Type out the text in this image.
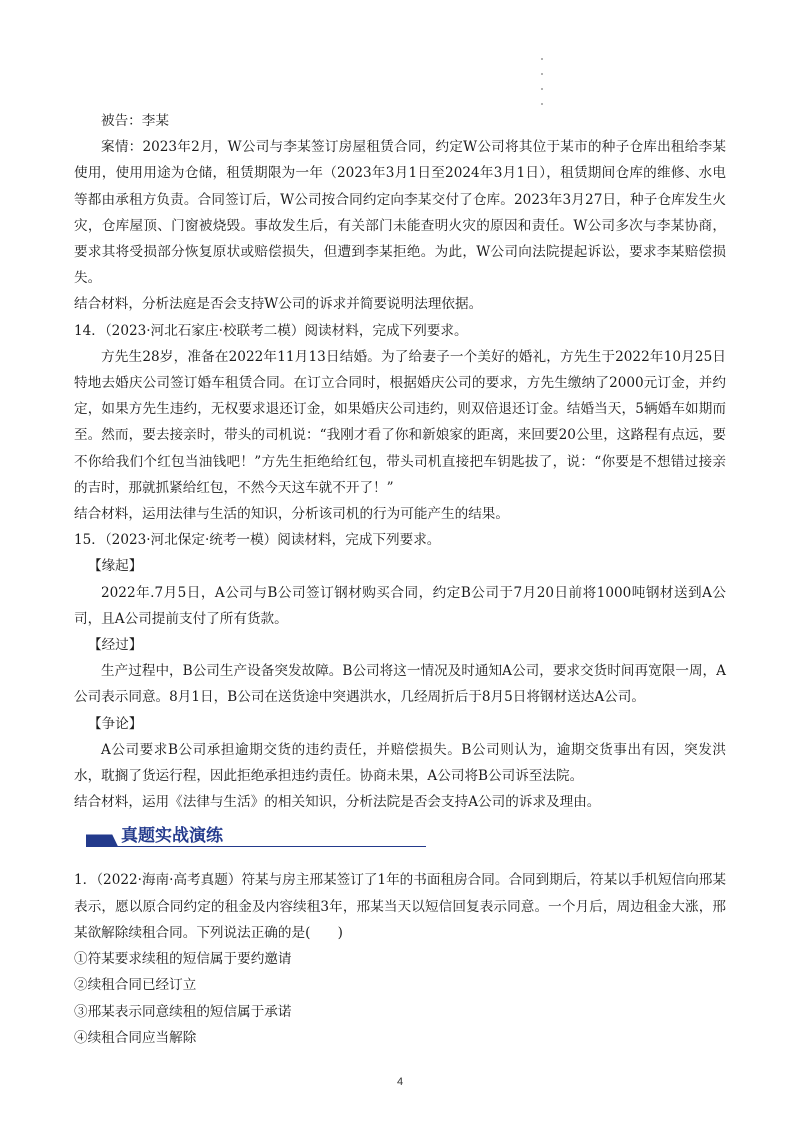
被告：李某

案情：2023年2月，W公司与李某签订房屋租赁合同，约定W公司将其位于某市的种子仓库出租给李某使用，使用用途为仓储，租赁期限为一年（2023年3月1日至2024年3月1日），租赁期间仓库的维修、水电等都由承租方负责。合同签订后，W公司按合同约定向李某交付了仓库。2023年3月27日，种子仓库发生火灾，仓库屋顶、门窗被烧毁。事故发生后，有关部门未能查明火灾的原因和责任。W公司多次与李某协商，要求其将受损部分恢复原状或赔偿损失，但遭到李某拒绝。为此，W公司向法院提起诉讼，要求李某赔偿损失。

结合材料，分析法庭是否会支持W公司的诉求并简要说明法理依据。

14．（2023·河北石家庄·校联考二模）阅读材料，完成下列要求。

方先生28岁，准备在2022年11月13日结婚。为了给妻子一个美好的婚礼，方先生于2022年10月25日特地去婚庆公司签订婚车租赁合同。在订立合同时，根据婚庆公司的要求，方先生缴纳了2000元订金，并约定，如果方先生违约，无权要求退还订金，如果婚庆公司违约，则双倍退还订金。结婚当天，5辆婚车如期而至。然而，要去接亲时，带头的司机说：“我刚才看了你和新娘家的距离，来回要20公里，这路程有点远，要不你给我们个红包当油钱吧！”方先生拒绝给红包，带头司机直接把车钥匙拔了，说：“你要是不想错过接亲的吉时，那就抓紧给红包，不然今天这车就不开了！”

结合材料，运用法律与生活的知识，分析该司机的行为可能产生的结果。

15．（2023·河北保定·统考一模）阅读材料，完成下列要求。

【缘起】

2022年.7月5日，A公司与B公司签订钢材购买合同，约定B公司于7月20日前将1000吨钢材送到A公司，且A公司提前支付了所有货款。

【经过】

生产过程中，B公司生产设备突发故障。B公司将这一情况及时通知A公司，要求交货时间再宽限一周，A公司表示同意。8月1日，B公司在送货途中突遇洪水，几经周折后于8月5日将钢材送达A公司。

【争论】

A公司要求B公司承担逾期交货的违约责任，并赔偿损失。B公司则认为，逾期交货事出有因，突发洪水，耽搁了货运行程，因此拒绝承担违约责任。协商未果，A公司将B公司诉至法院。

结合材料，运用《法律与生活》的相关知识，分析法院是否会支持A公司的诉求及理由。

真题实战演练

1．（2022·海南·高考真题）符某与房主邢某签订了1年的书面租房合同。合同到期后，符某以手机短信向邢某表示，愿以原合同约定的租金及内容续租3年，邢某当天以短信回复表示同意。一个月后，周边租金大涨，邢某欲解除续租合同。下列说法正确的是(　　)

①符某要求续租的短信属于要约邀请

②续租合同已经订立

③邢某表示同意续租的短信属于承诺

④续租合同应当解除

4
